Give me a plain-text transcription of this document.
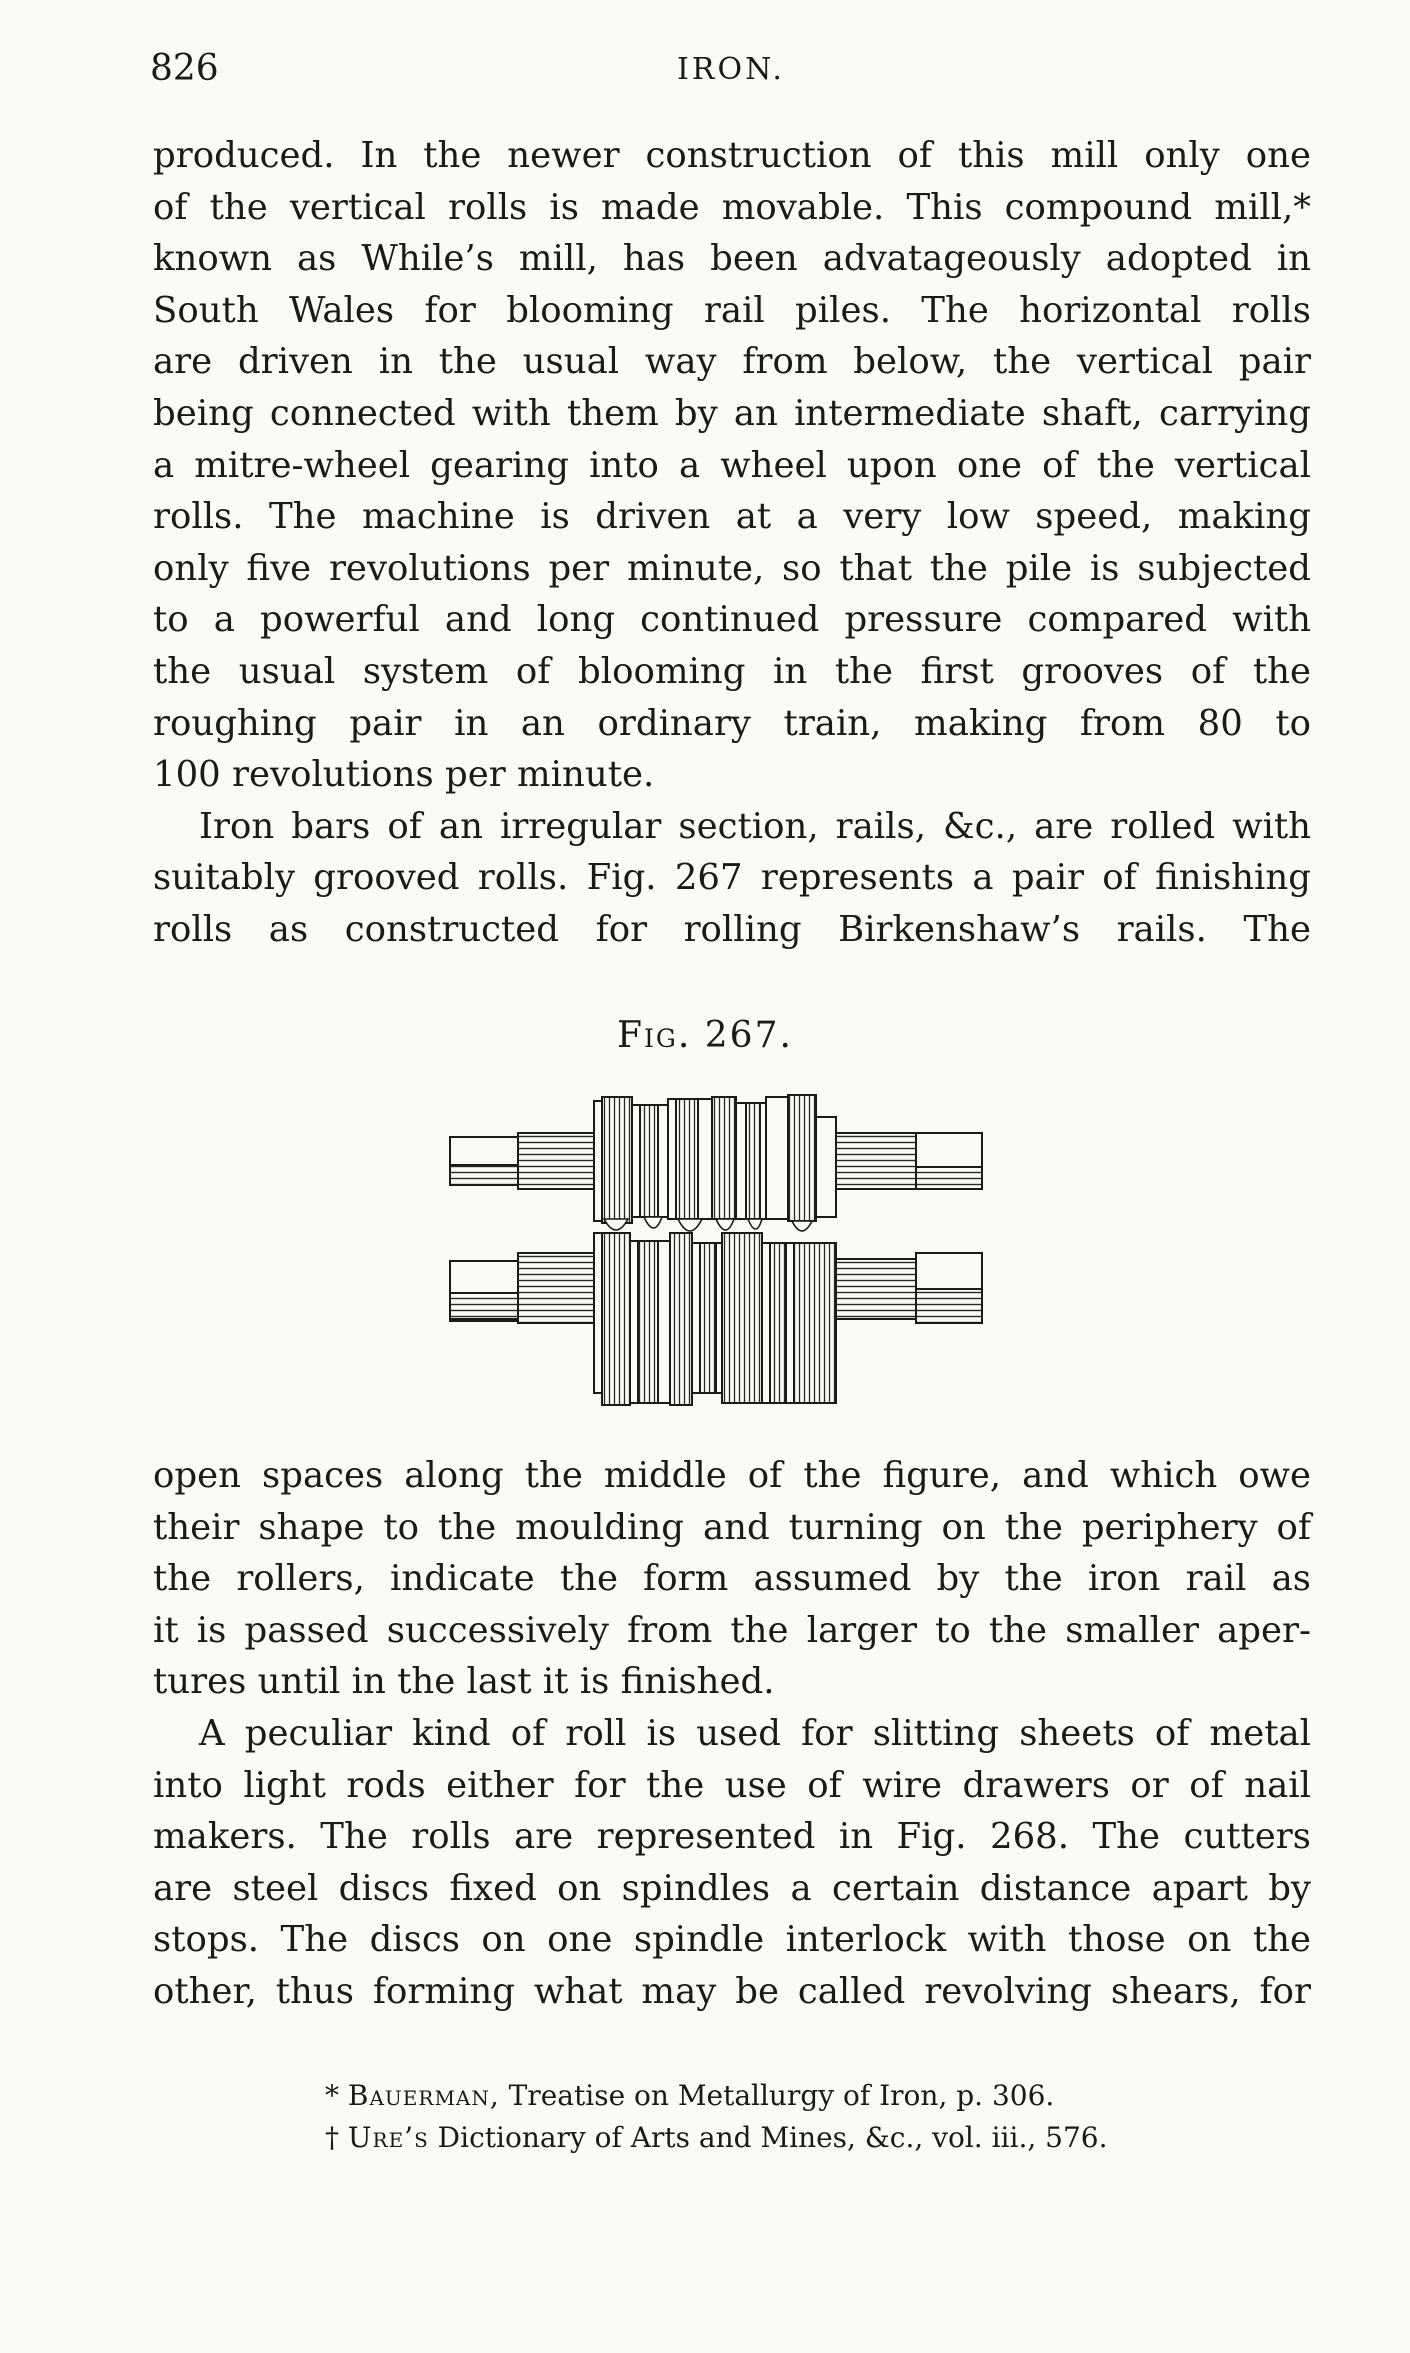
826	IRON.
produced. In the newer construction of this mill only one
of the vertical rolls is made movable. This compound mill,*
known as While’s mill, has been advatageously adopted in
South Wales for blooming rail piles. The horizontal rolls
are driven in the usual way from below, the vertical pair
being connected with them by an intermediate shaft, carrying
a mitre-wheel gearing into a wheel upon one of the vertical
rolls. The machine is driven at a very low speed, making
only five revolutions per minute, so that the pile is subjected
to a powerful and long continued pressure compared with
the usual system of blooming in the first grooves of the
roughing pair in an ordinary train, making from 80 to
100 revolutions per minute.
Iron bars of an irregular section, rails, &c., are rolled with
suitably grooved rolls. Fig. 267 represents a pair of finishing
rolls as constructed for rolling Birkenshaw’s rails. The
Fig. 267.
open spaces along the middle of the figure, and which owe
their shape to the moulding and turning on the periphery of
the rollers, indicate the form assumed by the iron rail as
it is passed successively from the larger to the smaller aper-
tures until in the last it is finished.
A peculiar kind of roll is used for slitting sheets of metal
into light rods either for the use of wire drawers or of nail
makers. The rolls are represented in Fig. 268. The cutters
are steel discs fixed on spindles a certain distance apart by
stops. The discs on one spindle interlock with those on the
other, thus forming what may be called revolving shears, for
* Bauerman, Treatise on Metallurgy of Iron, p. 306.
† Ure’s Dictionary of Arts and Mines, &c., vol. iii., 576.
